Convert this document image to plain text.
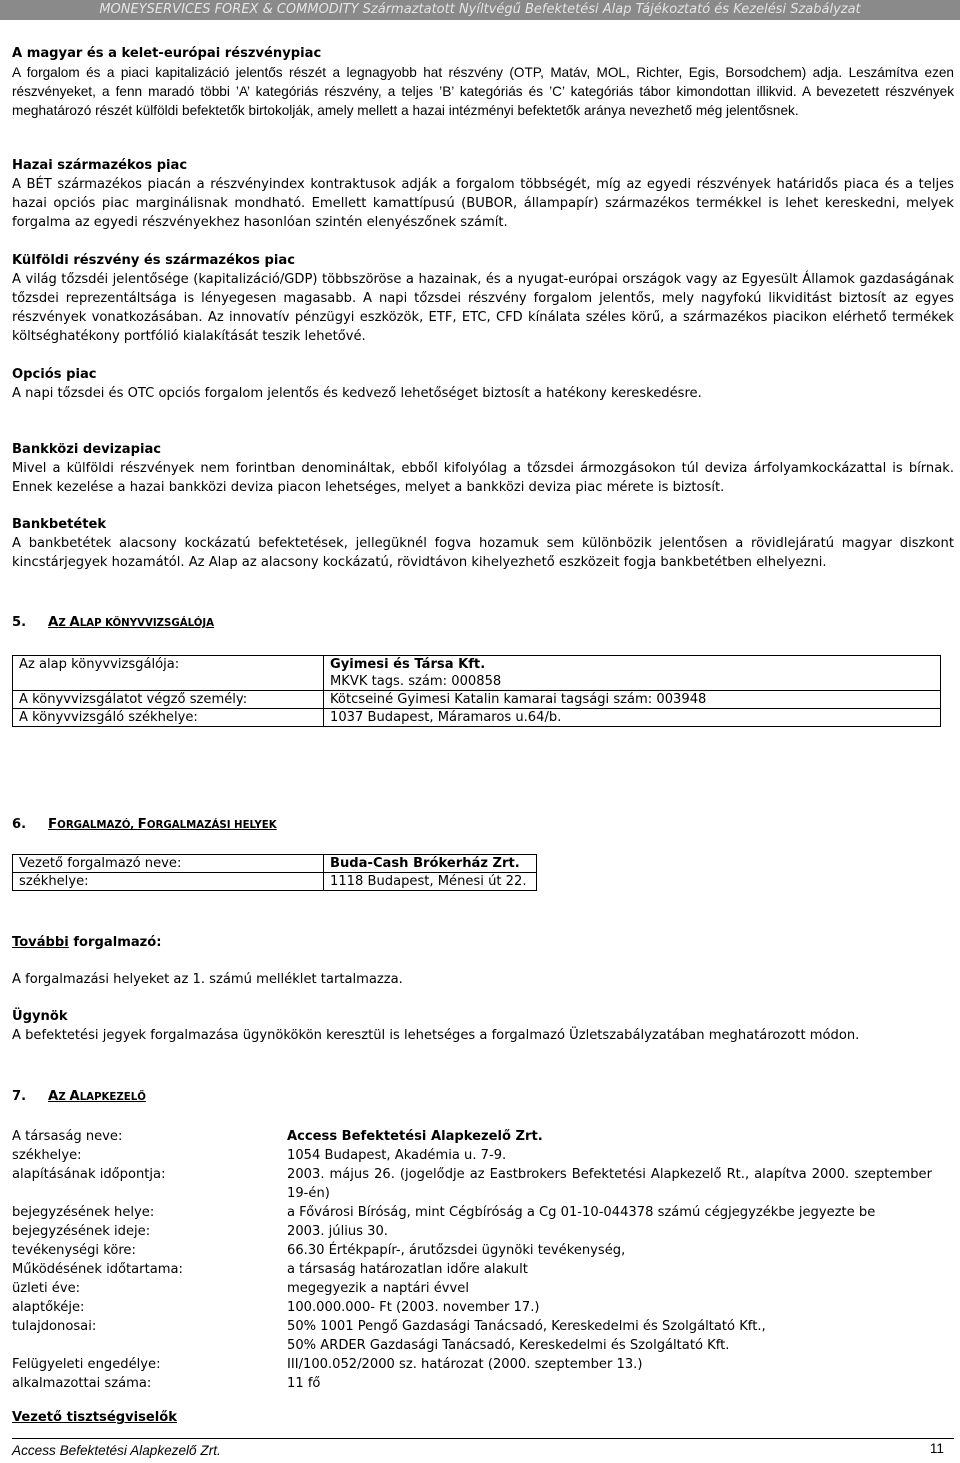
MONEYSERVICES FOREX & COMMODITY Származtatott Nyíltvégű Befektetési Alap Tájékoztató és Kezelési Szabályzat
A magyar és a kelet-európai részvénypiac
A forgalom és a piaci kapitalizáció jelentős részét a legnagyobb hat részvény (OTP, Matáv, MOL, Richter, Egis, Borsodchem) adja. Leszámítva ezen részvényeket, a fenn maradó többi ’A’ kategóriás részvény, a teljes ’B’ kategóriás és ’C’ kategóriás tábor kimondottan illikvid. A bevezetett részvények meghatározó részét külföldi befektetők birtokolják, amely mellett a hazai intézményi befektetők aránya nevezhető még jelentősnek.
Hazai származékos piac
A BÉT származékos piacán a részvényindex kontraktusok adják a forgalom többségét, míg az egyedi részvények határidős piaca és a teljes hazai opciós piac marginálisnak mondható. Emellett kamattípusú (BUBOR, állampapír) származékos termékkel is lehet kereskedni, melyek forgalma az egyedi részvényekhez hasonlóan szintén elenyészőnek számít.
Külföldi részvény és származékos piac
A világ tőzsdéi jelentősége (kapitalizáció/GDP) többszöröse a hazainak, és a nyugat-európai országok vagy az Egyesült Államok gazdaságának tőzsdei reprezentáltsága is lényegesen magasabb. A napi tőzsdei részvény forgalom jelentős, mely nagyfokú likviditást biztosít az egyes részvények vonatkozásában. Az innovatív pénzügyi eszközök, ETF, ETC, CFD kínálata széles körű, a származékos piacikon elérhető termékek költséghatékony portfólió kialakítását teszik lehetővé.
Opciós piac
A napi tőzsdei és OTC opciós forgalom jelentős és kedvező lehetőséget biztosít a hatékony kereskedésre.
Bankközi devizapiac
Mivel a külföldi részvények nem forintban denomináltak, ebből kifolyólag a tőzsdei ármozgásokon túl deviza árfolyamkockázattal is bírnak. Ennek kezelése a hazai bankközi deviza piacon lehetséges, melyet a bankközi deviza piac mérete is biztosít.
Bankbetétek
A bankbetétek alacsony kockázatú befektetések, jellegüknél fogva hozamuk sem különbözik jelentősen a rövidlejáratú magyar diszkont kincstárjegyek hozamától. Az Alap az alacsony kockázatú, rövidtávon kihelyezhető eszközeit fogja bankbetétben elhelyezni.
5. AZ ALAP KÖNYVVIZSGÁLÓJA
Az alap könyvvizsgálója:	Gyimesi és Társa Kft.
MKVK tags. szám: 000858

A könyvvizsgálatot végző személy:	Kötcseiné Gyimesi Katalin kamarai tagsági szám: 003948
A könyvvizsgáló székhelye:	1037 Budapest, Máramaros u.64/b.
6. FORGALMAZÓ, FORGALMAZÁSI HELYEK
Vezető forgalmazó neve:	Buda-Cash Brókerház Zrt.
székhelye:	1118 Budapest, Ménesi út 22.
További forgalmazó:
A forgalmazási helyeket az 1. számú melléklet tartalmazza.
Ügynök
A befektetési jegyek forgalmazása ügynökökön keresztül is lehetséges a forgalmazó Üzletszabályzatában meghatározott módon.
7. AZ ALAPKEZELŐ
A társaság neve:	Access Befektetési Alapkezelő Zrt.
székhelye:	1054 Budapest, Akadémia u. 7-9.
alapításának időpontja:	2003. május 26. (jogelődje az Eastbrokers Befektetési Alapkezelő Rt., alapítva 2000. szeptember 19-én)
bejegyzésének helye:	a Fővárosi Bíróság, mint Cégbíróság a Cg 01-10-044378 számú cégjegyzékbe jegyezte be
bejegyzésének ideje:	2003. július 30.
tevékenységi köre:	66.30 Értékpapír-, árutőzsdei ügynöki tevékenység,
Működésének időtartama:	a társaság határozatlan időre alakult
üzleti éve:	megegyezik a naptári évvel
alaptőkéje:	100.000.000- Ft (2003. november 17.)
tulajdonosai:	50% 1001 Pengő Gazdasági Tanácsadó, Kereskedelmi és Szolgáltató Kft.,
50% ARDER Gazdasági Tanácsadó, Kereskedelmi és Szolgáltató Kft.
Felügyeleti engedélye:	III/100.052/2000 sz. határozat (2000. szeptember 13.)
alkalmazottai száma:	11 fő
Vezető tisztségviselők
Access Befektetési Alapkezelő Zrt.	11
